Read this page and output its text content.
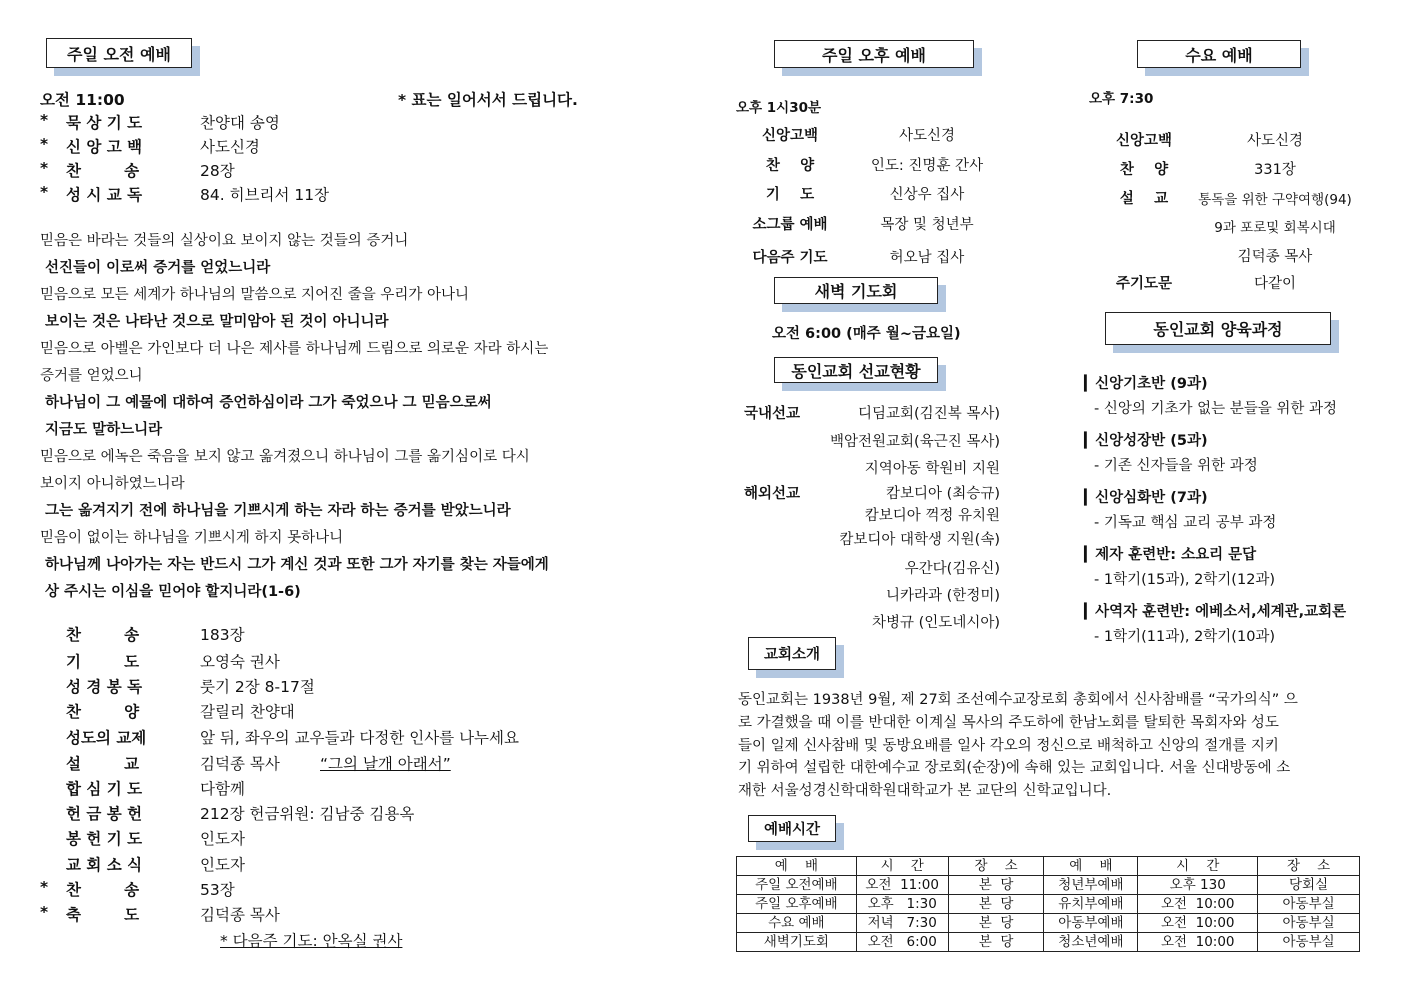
주일 오전 예배
오전 11:00	* 표는 일어서서 드립니다.
* 묵 상 기 도	찬양대 송영
* 신 앙 고 백	사도신경
* 찬        송	28장
* 성 시 교 독	84. 히브리서 11장
믿음은 바라는 것들의 실상이요 보이지 않는 것들의 증거니
선진들이 이로써 증거를 얻었느니라
믿음으로 모든 세계가 하나님의 말씀으로 지어진 줄을 우리가 아나니
보이는 것은 나타난 것으로 말미암아 된 것이 아니니라
믿음으로 아벨은 가인보다 더 나은 제사를 하나님께 드림으로 의로운 자라 하시는
증거를 얻었으니
하나님이 그 예물에 대하여 증언하심이라 그가 죽었으나 그 믿음으로써
지금도 말하느니라
믿음으로 에녹은 죽음을 보지 않고 옮겨졌으니 하나님이 그를 옮기심이로 다시
보이지 아니하였느니라
그는 옮겨지기 전에 하나님을 기쁘시게 하는 자라 하는 증거를 받았느니라
믿음이 없이는 하나님을 기쁘시게 하지 못하나니
하나님께 나아가는 자는 반드시 그가 계신 것과 또한 그가 자기를 찾는 자들에게
상 주시는 이심을 믿어야 할지니라(1-6)
찬        송	183장
기        도	오영숙 권사
성 경 봉 독	룻기 2장 8-17절
찬        양	갈릴리 찬양대
성도의 교제	앞 뒤, 좌우의 교우들과 다정한 인사를 나누세요
설        교	김덕종 목사	“그의 날개 아래서”
합 심 기 도	다함께
헌 금 봉 헌	212장 헌금위원: 김남중 김용옥
봉 헌 기 도	인도자
교 회 소 식	인도자
* 찬        송	53장
* 축        도	김덕종 목사
* 다음주 기도: 안옥실 권사
주일 오후 예배
오후 1시30분
신앙고백	사도신경
찬    양	인도: 진명훈 간사
기    도	신상우 집사
소그룹 예배	목장 및 청년부
다음주 기도	허오남 집사
새벽 기도회
오전 6:00 (매주 월~금요일)
동인교회 선교현황
국내선교	디딤교회(김진복 목사)
백암전원교회(육근진 목사)
지역아동 학원비 지원
해외선교	캄보디아 (최승규)
캄보디아 꺽정 유치원
캄보디아 대학생 지원(속)
우간다(김유신)
니카라과 (한정미)
차병규 (인도네시아)
수요 예배
오후 7:30
신앙고백	사도신경
찬    양	331장
설    교	통독을 위한 구약여행(94)
9과 포로및 회복시대
김덕종 목사
주기도문	다같이
동인교회 양육과정
▎신앙기초반 (9과)
- 신앙의 기초가 없는 분들을 위한 과정
▎신앙성장반 (5과)
- 기존 신자들을 위한 과정
▎신앙심화반 (7과)
- 기독교 핵심 교리 공부 과정
▎제자 훈련반: 소요리 문답
- 1학기(15과), 2학기(12과)
▎사역자 훈련반: 에베소서,세계관,교회론
- 1학기(11과), 2학기(10과)
교회소개
동인교회는 1938년 9월, 제 27회 조선예수교장로회 총회에서 신사참배를 “국가의식” 으
로 가결했을 때 이를 반대한 이계실 목사의 주도하에 한남노회를 탈퇴한 목회자와 성도
들이 일제 신사참배 및 동방요배를 일사 각오의 정신으로 배척하고 신앙의 절개를 지키
기 위하여 설립한 대한예수교 장로회(순장)에 속해 있는 교회입니다. 서울 신대방동에 소
재한 서울성경신학대학원대학교가 본 교단의 신학교입니다.
예배시간
예    배	시    간	장    소	예    배	시    간	장    소
주일 오전예배	오전  11:00	본  당	청년부예배	오후 130	당회실
주일 오후예배	오후   1:30	본  당	유치부예배	오전  10:00	아동부실
수요 예배	저녁   7:30	본  당	아동부예배	오전  10:00	아동부실
새벽기도회	오전   6:00	본  당	청소년예배	오전  10:00	아동부실
